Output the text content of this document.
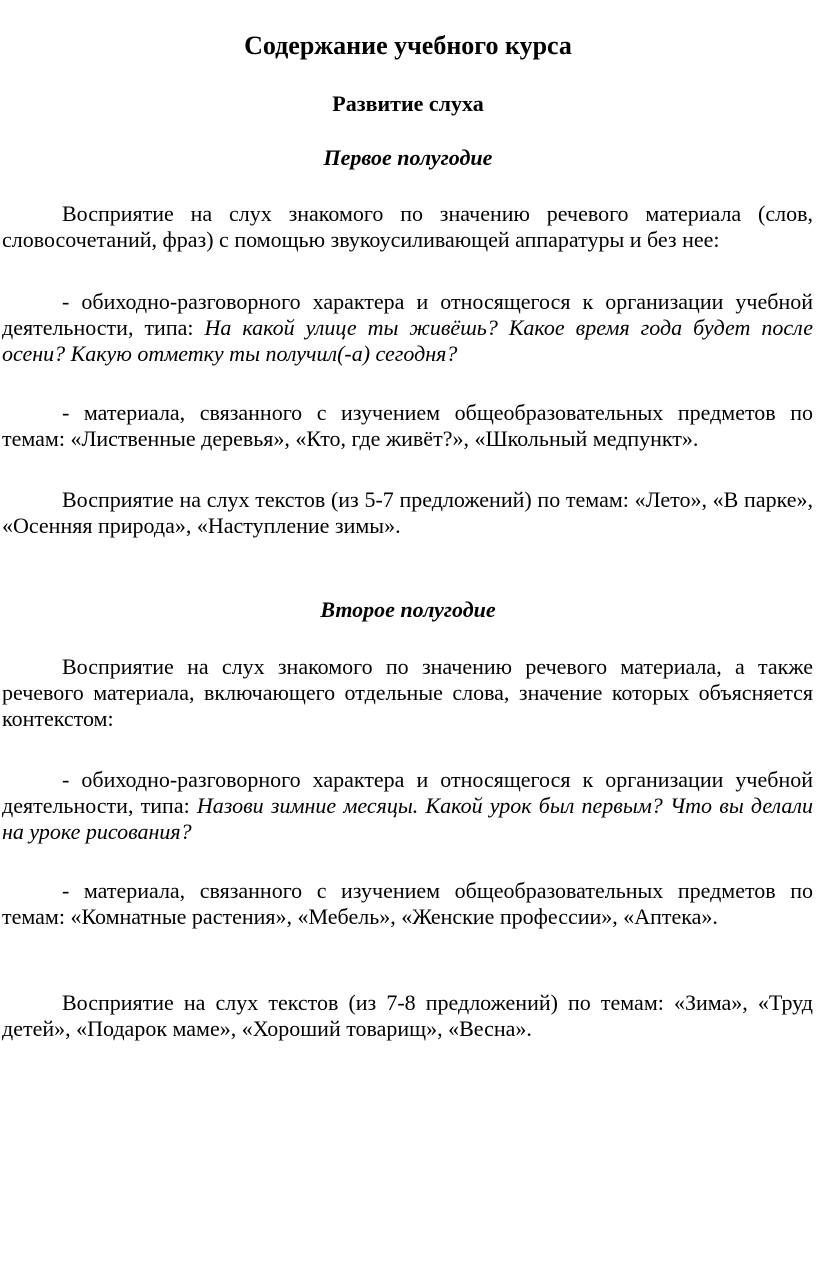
Содержание учебного курса
Развитие слуха
Первое полугодие

Восприятие на слух знакомого по значению речевого материала (слов, словосочетаний, фраз) с помощью звукоусиливающей аппаратуры и без нее:

- обиходно-разговорного характера и относящегося к организации учебной деятельности, типа: На какой улице ты живёшь? Какое время года будет после осени? Какую отметку ты получил(-а) сегодня?

- материала, связанного с изучением общеобразовательных предметов по темам: «Лиственные деревья», «Кто, где живёт?», «Школьный медпункт».

Восприятие на слух текстов (из 5-7 предложений) по темам: «Лето», «В парке», «Осенняя природа», «Наступление зимы».

Второе полугодие

Восприятие на слух знакомого по значению речевого материала, а также речевого материала, включающего отдельные слова, значение которых объясняется контекстом:

- обиходно-разговорного характера и относящегося к организации учебной деятельности, типа: Назови зимние месяцы. Какой урок был первым? Что вы делали на уроке рисования?

- материала, связанного с изучением общеобразовательных предметов по темам: «Комнатные растения», «Мебель», «Женские профессии», «Аптека».

Восприятие на слух текстов (из 7-8 предложений) по темам: «Зима», «Труд детей», «Подарок маме», «Хороший товарищ», «Весна».
